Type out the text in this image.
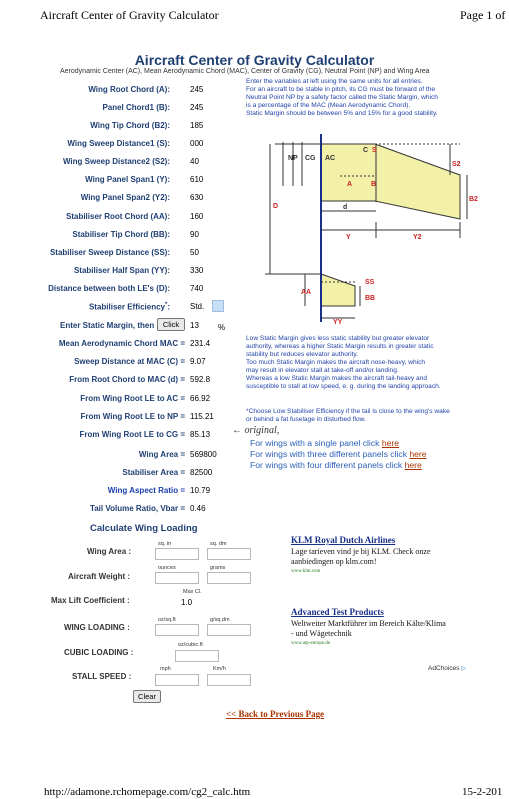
Aircraft Center of Gravity Calculator	Page 1 of
Aircraft Center of Gravity Calculator
Aerodynamic Center (AC), Mean Aerodynamic Chord (MAC), Center of Gravity (CG), Neutral Point (NP) and Wing Area
Wing Root Chord (A):	245
Panel Chord1 (B):	245
Wing Tip Chord (B2):	185
Wing Sweep Distance1 (S):	000
Wing Sweep Distance2 (S2):	40
Wing Panel Span1 (Y):	610
Wing Panel Span2 (Y2):	630
Stabiliser Root Chord (AA):	160
Stabiliser Tip Chord (BB):	90
Stabiliser Sweep Distance (SS):	50
Stabiliser Half Span (YY):	330
Distance between both LE's (D):	740
Stabiliser Efficiency*:	Std.
Enter Static Margin, then	Click	13 %
Mean Aerodynamic Chord MAC = 231.4
Sweep Distance at MAC (C) = 9.07
From Root Chord to MAC (d) = 592.8
From Wing Root LE to AC = 66.92
From Wing Root LE to NP = 115.21
From Wing Root LE to CG = 85.13
Wing Area = 569800
Stabiliser Area = 82500
Wing Aspect Ratio = 10.79
Tail Volume Ratio, Vbar = 0.46
Enter the variables at left using the same units for all entries.
For an aircraft to be stable in pitch, its CG must be forward of the
Neutral Point NP by a safety factor called the Static Margin, which
is a percentage of the MAC (Mean Aerodynamic Chord).
Static Margin should be between 5% and 15% for a good stability.
NP CG AC
C S
S2
A	B
d
D
B2
Y	Y2
AA
SS
BB
YY
Low Static Margin gives less static stability but greater elevator
authority, whereas a higher Static Margin results in greater static
stability but reduces elevator authority.
Too much Static Margin makes the aircraft nose-heavy, which
may result in elevator stall at take-off and/or landing.
Whereas a low Static Margin makes the aircraft tail-heavy and
susceptible to stall at low speed, e. g. during the landing approach.
*Choose Low Stabiliser Efficiency if the tail is close to the wing's wake
or behind a fat fuselage in disturbed flow.
← original,
For wings with a single panel click here
For wings with three different panels click here
For wings with four different panels click here
Calculate Wing Loading
Wing Area :
sq. in	sq. dm
Aircraft Weight :
ounces	grams
Max Lift Coefficient :
Max Cl.
1.0
WING LOADING :
oz/sq.ft	g/sq.dm
CUBIC LOADING :
oz/cubic.ft
STALL SPEED :
mph	Km/h
Clear
KLM Royal Dutch Airlines
Lage tarieven vind je bij KLM. Check onze
aanbiedingen op klm.com!
www.klm.com
Advanced Test Products
Weltweiter Marktführer im Bereich Kälte/Klima
- und Wägetechnik
www.atp-europe.de
AdChoices ▷
<< Back to Previous Page
http://adamone.rchomepage.com/cg2_calc.htm	15-2-201
